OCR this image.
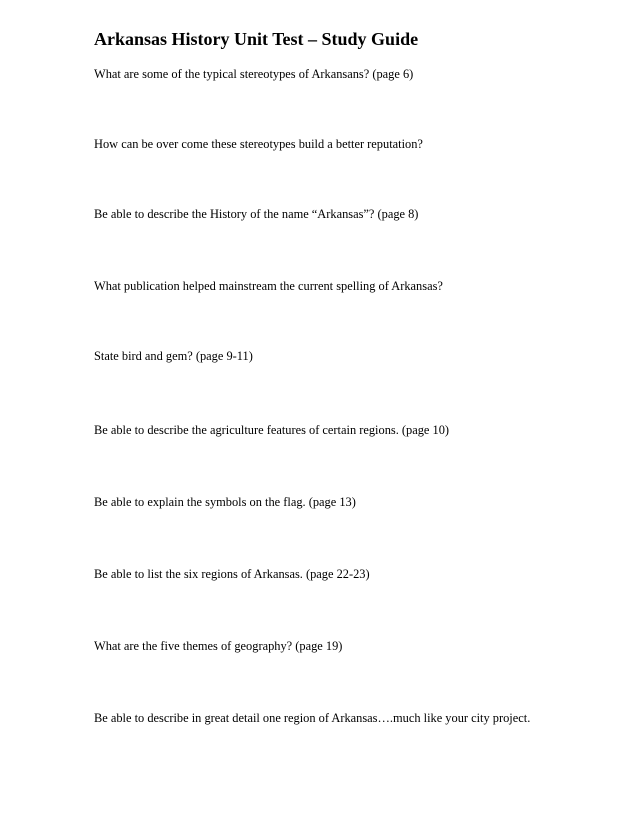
Arkansas History Unit Test – Study Guide

What are some of the typical stereotypes of Arkansans? (page 6)

How can be over come these stereotypes build a better reputation?

Be able to describe the History of the name “Arkansas”? (page 8)

What publication helped mainstream the current spelling of Arkansas?

State bird and gem? (page 9-11)

Be able to describe the agriculture features of certain regions. (page 10)

Be able to explain the symbols on the flag. (page 13)

Be able to list the six regions of Arkansas. (page 22-23)

What are the five themes of geography? (page 19)

Be able to describe in great detail one region of Arkansas….much like your city project.
